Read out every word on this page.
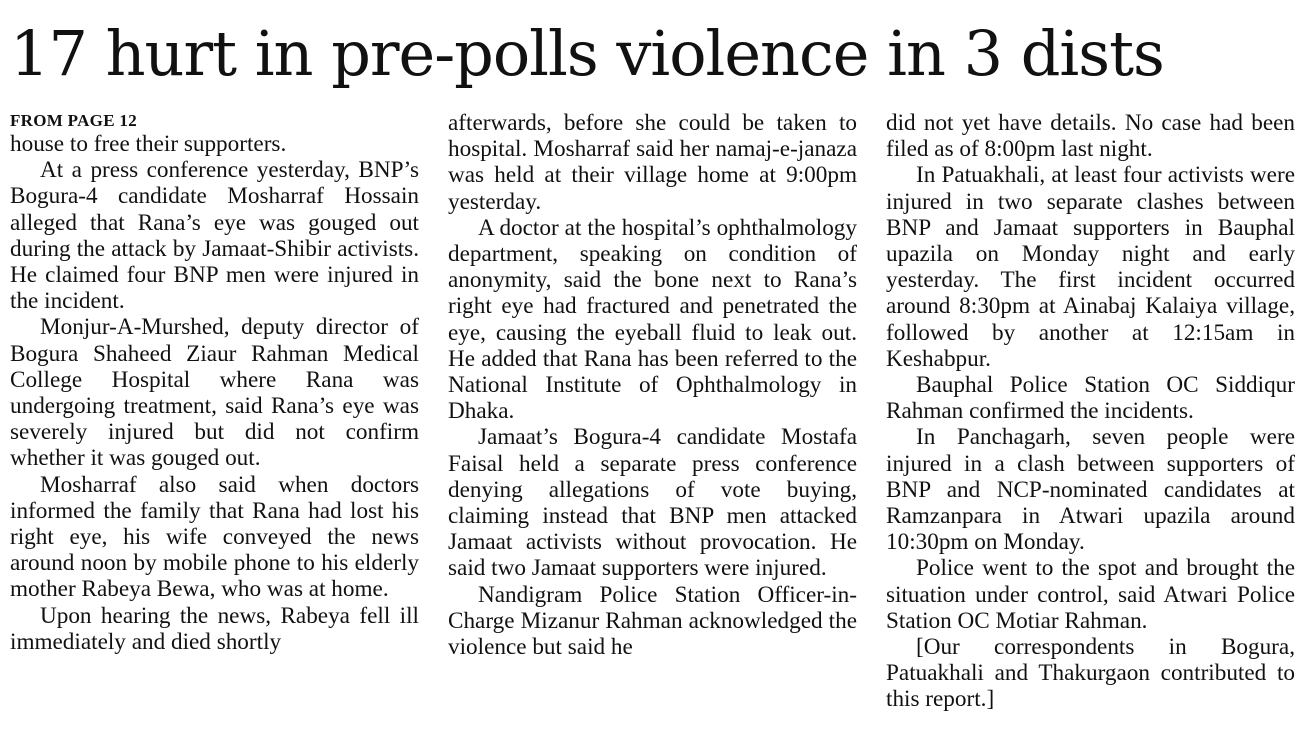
17 hurt in pre-polls violence in 3 dists
FROM PAGE 12

house to free their supporters.

At a press conference yesterday, BNP’s Bogura-4 candidate Mosharraf Hossain alleged that Rana’s eye was gouged out during the attack by Jamaat-Shibir activists. He claimed four BNP men were injured in the incident.

Monjur-A-Murshed, deputy director of Bogura Shaheed Ziaur Rahman Medical College Hospital where Rana was undergoing treatment, said Rana’s eye was severely injured but did not confirm whether it was gouged out.

Mosharraf also said when doctors informed the family that Rana had lost his right eye, his wife conveyed the news around noon by mobile phone to his elderly mother Rabeya Bewa, who was at home.

Upon hearing the news, Rabeya fell ill immediately and died shortly

afterwards, before she could be taken to hospital. Mosharraf said her namaj-e-janaza was held at their village home at 9:00pm yesterday.

A doctor at the hospital’s ophthalmology department, speaking on condition of anonymity, said the bone next to Rana’s right eye had fractured and penetrated the eye, causing the eyeball fluid to leak out. He added that Rana has been referred to the National Institute of Ophthalmology in Dhaka.

Jamaat’s Bogura-4 candidate Mostafa Faisal held a separate press conference denying allegations of vote buying, claiming instead that BNP men attacked Jamaat activists without provocation. He said two Jamaat supporters were injured.

Nandigram Police Station Officer-in-Charge Mizanur Rahman acknowledged the violence but said he

did not yet have details. No case had been filed as of 8:00pm last night.

In Patuakhali, at least four activists were injured in two separate clashes between BNP and Jamaat supporters in Bauphal upazila on Monday night and early yesterday. The first incident occurred around 8:30pm at Ainabaj Kalaiya village, followed by another at 12:15am in Keshabpur.

Bauphal Police Station OC Siddiqur Rahman confirmed the incidents.

In Panchagarh, seven people were injured in a clash between supporters of BNP and NCP-nominated candidates at Ramzanpara in Atwari upazila around 10:30pm on Monday.

Police went to the spot and brought the situation under control, said Atwari Police Station OC Motiar Rahman.

[Our correspondents in Bogura, Patuakhali and Thakurgaon contributed to this report.]
